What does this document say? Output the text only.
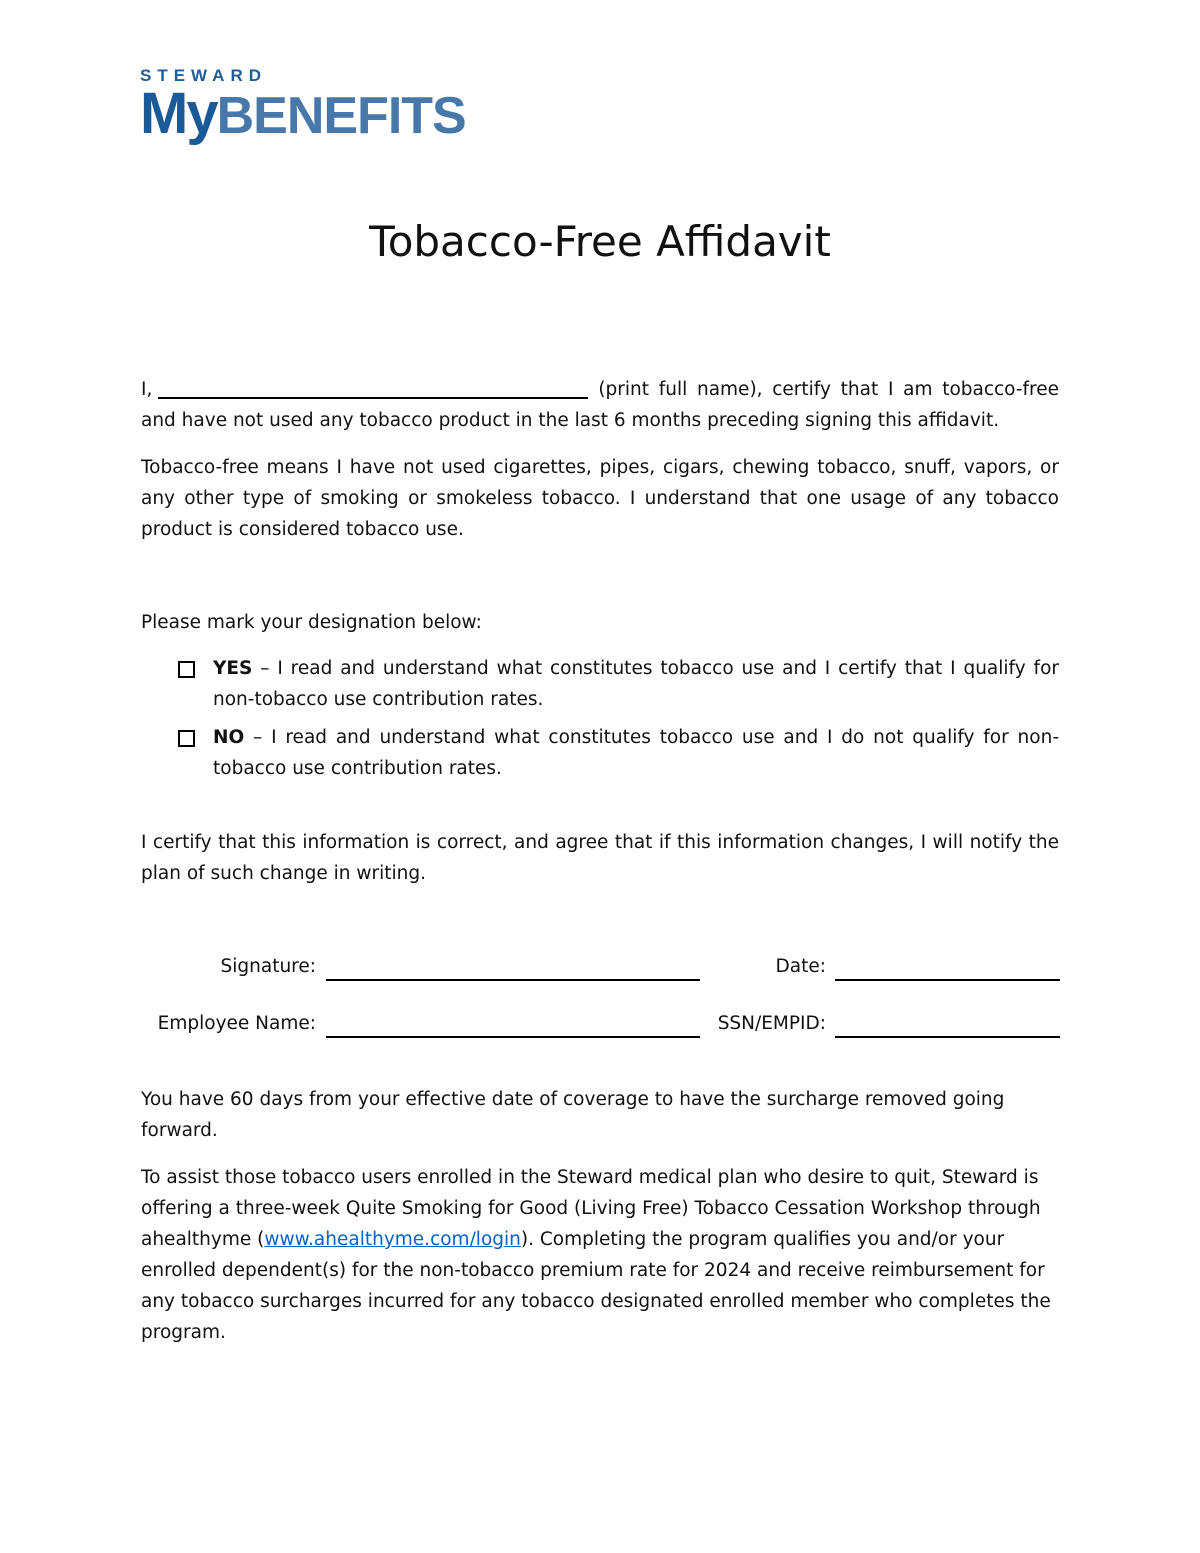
STEWARD
MyBENEFITS
Tobacco-Free Affidavit
I,	(print full name), certify that I am tobacco-free
and have not used any tobacco product in the last 6 months preceding signing this affidavit.
Tobacco-free means I have not used cigarettes, pipes, cigars, chewing tobacco, snuff, vapors, or any other type of smoking or smokeless tobacco. I understand that one usage of any tobacco product is considered tobacco use.
Please mark your designation below:
YES – I read and understand what constitutes tobacco use and I certify that I qualify for non-tobacco use contribution rates.
NO – I read and understand what constitutes tobacco use and I do not qualify for non-tobacco use contribution rates.
I certify that this information is correct, and agree that if this information changes, I will notify the plan of such change in writing.
Signature:	Date:
Employee Name:	SSN/EMPID:
You have 60 days from your effective date of coverage to have the surcharge removed going forward.
To assist those tobacco users enrolled in the Steward medical plan who desire to quit, Steward is offering a three-week Quite Smoking for Good (Living Free) Tobacco Cessation Workshop through ahealthyme (www.ahealthyme.com/login). Completing the program qualifies you and/or your enrolled dependent(s) for the non-tobacco premium rate for 2024 and receive reimbursement for any tobacco surcharges incurred for any tobacco designated enrolled member who completes the program.
